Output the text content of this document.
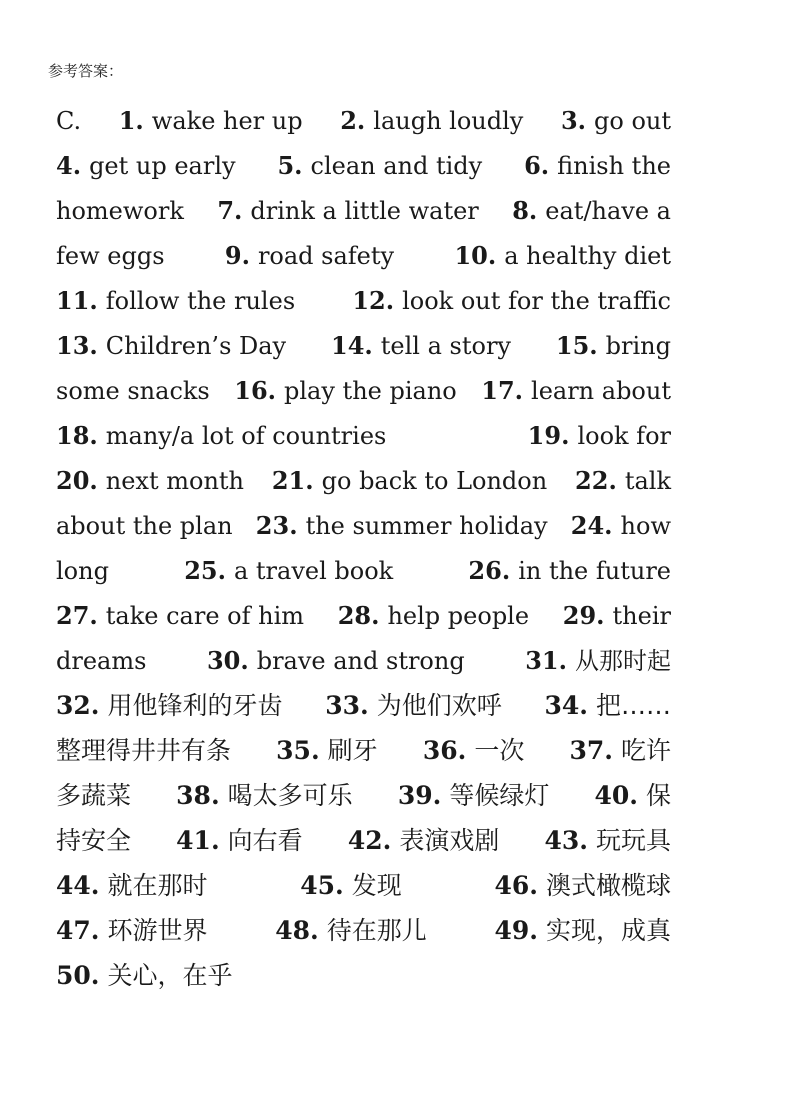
参考答案：
C. 1. wake her up 2. laugh loudly 3. go out
4. get up early 5. clean and tidy 6. finish the
homework 7. drink a little water 8. eat/have a
few eggs	9. road safety	10. a healthy diet
11. follow the rules 12. look out for the traffic
13. Children’s Day 14. tell a story 15. bring
some snacks 16. play the piano 17. learn about
18. many/a lot of countries	19. look for
20. next month 21. go back to London 22. talk
about the plan 23. the summer holiday 24. how
long	25. a travel book	26. in the future
27. take care of him 28. help people 29. their
dreams	30. brave and strong	31. 从那时起
32. 用他锋利的牙齿 33. 为他们欢呼 34. 把……
整理得井井有条 35. 刷牙 36. 一次 37. 吃许
多蔬菜 38. 喝太多可乐 39. 等候绿灯 40. 保
持安全 41. 向右看 42. 表演戏剧 43. 玩玩具
44. 就在那时	45. 发现	46. 澳式橄榄球
47. 环游世界	48. 待在那儿	49. 实现，成真
50. 关心，在乎
